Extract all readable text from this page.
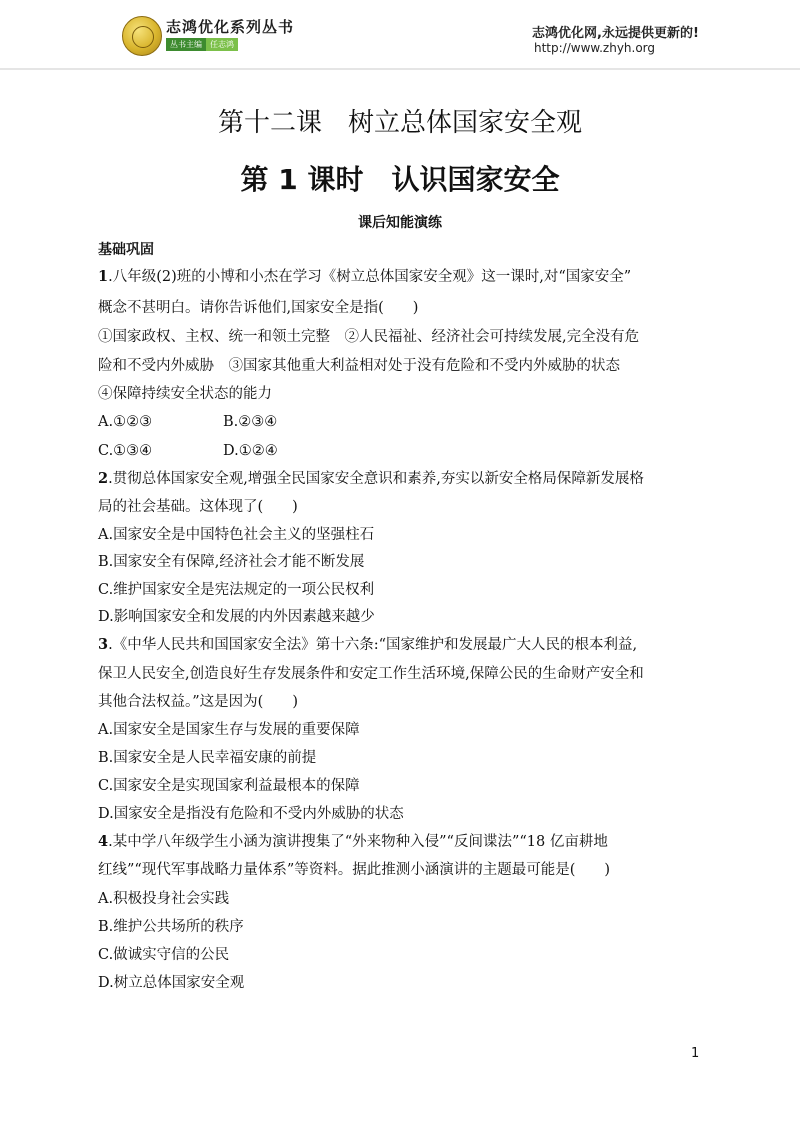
志鸿优化系列丛书
丛书主编 任志鸿
志鸿优化网,永远提供更新的!
http://www.zhyh.org
第十二课　树立总体国家安全观
第 1 课时　认识国家安全
课后知能演练
基础巩固
1.八年级(2)班的小博和小杰在学习《树立总体国家安全观》这一课时,对“国家安全”
概念不甚明白。请你告诉他们,国家安全是指(　　)
①国家政权、主权、统一和领土完整　②人民福祉、经济社会可持续发展,完全没有危
险和不受内外威胁　③国家其他重大利益相对处于没有危险和不受内外威胁的状态
④保障持续安全状态的能力
A.①②③	B.②③④
C.①③④	D.①②④
2.贯彻总体国家安全观,增强全民国家安全意识和素养,夯实以新安全格局保障新发展格
局的社会基础。这体现了(　　)
A.国家安全是中国特色社会主义的坚强柱石
B.国家安全有保障,经济社会才能不断发展
C.维护国家安全是宪法规定的一项公民权利
D.影响国家安全和发展的内外因素越来越少
3.《中华人民共和国国家安全法》第十六条:“国家维护和发展最广大人民的根本利益,
保卫人民安全,创造良好生存发展条件和安定工作生活环境,保障公民的生命财产安全和
其他合法权益。”这是因为(　　)
A.国家安全是国家生存与发展的重要保障
B.国家安全是人民幸福安康的前提
C.国家安全是实现国家利益最根本的保障
D.国家安全是指没有危险和不受内外威胁的状态
4.某中学八年级学生小涵为演讲搜集了“外来物种入侵”“反间谍法”“18 亿亩耕地
红线”“现代军事战略力量体系”等资料。据此推测小涵演讲的主题最可能是(　　)
A.积极投身社会实践
B.维护公共场所的秩序
C.做诚实守信的公民
D.树立总体国家安全观
1
